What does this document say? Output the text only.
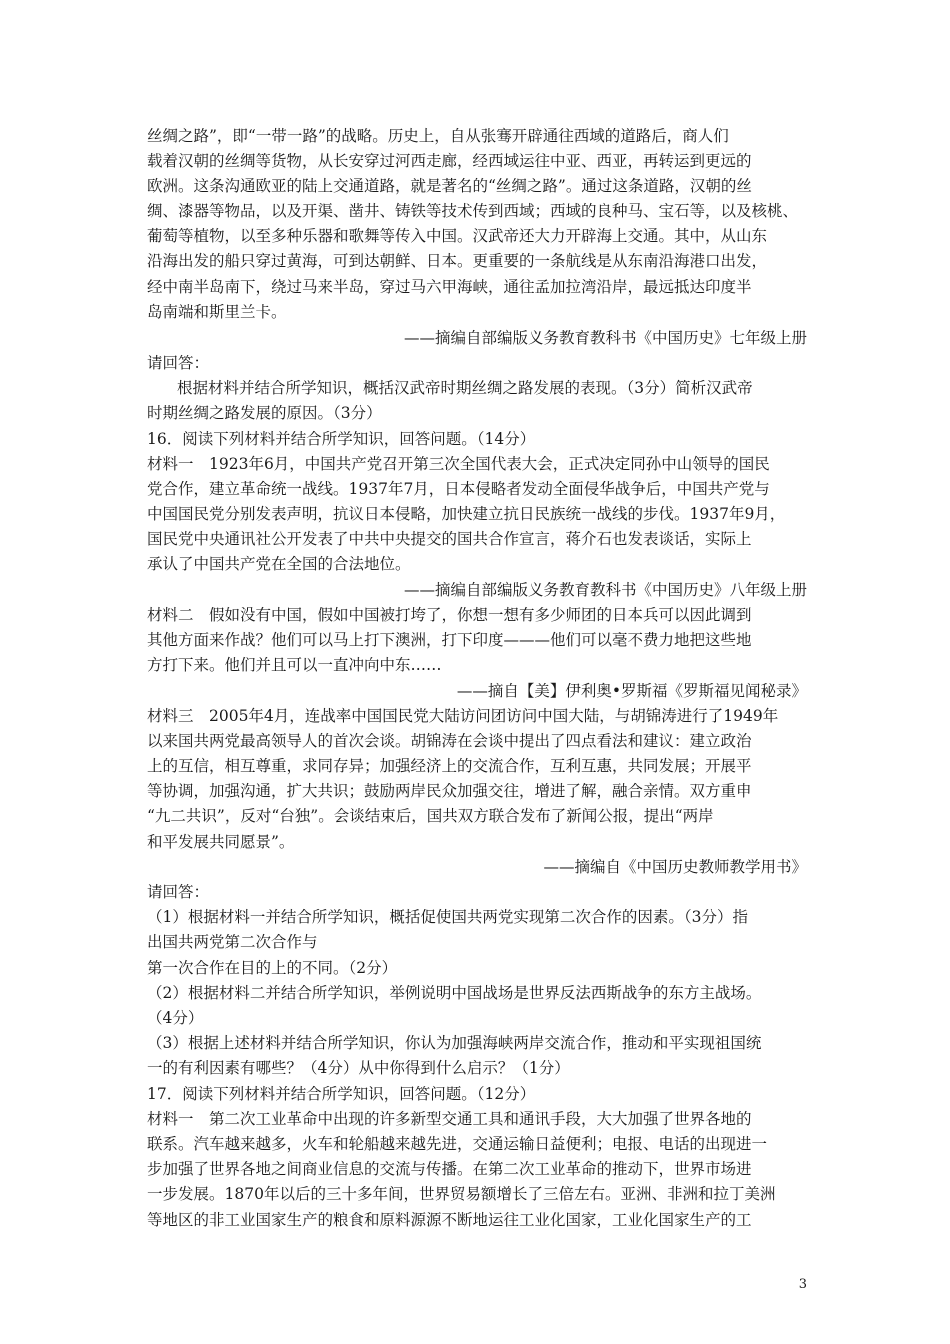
丝绸之路”，即“一带一路”的战略。历史上，自从张骞开辟通往西域的道路后，商人们
载着汉朝的丝绸等货物，从长安穿过河西走廊，经西域运往中亚、西亚，再转运到更远的
欧洲。这条沟通欧亚的陆上交通道路，就是著名的“丝绸之路”。通过这条道路，汉朝的丝
绸、漆器等物品，以及开渠、凿井、铸铁等技术传到西域；西域的良种马、宝石等，以及核桃、
葡萄等植物，以至多种乐器和歌舞等传入中国。汉武帝还大力开辟海上交通。其中，从山东
沿海出发的船只穿过黄海，可到达朝鲜、日本。更重要的一条航线是从东南沿海港口出发，
经中南半岛南下，绕过马来半岛，穿过马六甲海峡，通往孟加拉湾沿岸，最远抵达印度半
岛南端和斯里兰卡。
——摘编自部编版义务教育教科书《中国历史》七年级上册
请回答：
根据材料并结合所学知识，概括汉武帝时期丝绸之路发展的表现。（3分）简析汉武帝
时期丝绸之路发展的原因。（3分）
16．阅读下列材料并结合所学知识，回答问题。（14分）
材料一　1923年6月，中国共产党召开第三次全国代表大会，正式决定同孙中山领导的国民
党合作，建立革命统一战线。1937年7月，日本侵略者发动全面侵华战争后，中国共产党与
中国国民党分别发表声明，抗议日本侵略，加快建立抗日民族统一战线的步伐。1937年9月，
国民党中央通讯社公开发表了中共中央提交的国共合作宣言，蒋介石也发表谈话，实际上
承认了中国共产党在全国的合法地位。
——摘编自部编版义务教育教科书《中国历史》八年级上册
材料二　假如没有中国，假如中国被打垮了，你想一想有多少师团的日本兵可以因此调到
其他方面来作战？他们可以马上打下澳洲，打下印度———他们可以毫不费力地把这些地
方打下来。他们并且可以一直冲向中东……
——摘自【美】伊利奥•罗斯福《罗斯福见闻秘录》
材料三　2005年4月，连战率中国国民党大陆访问团访问中国大陆，与胡锦涛进行了1949年
以来国共两党最高领导人的首次会谈。胡锦涛在会谈中提出了四点看法和建议：建立政治
上的互信，相互尊重，求同存异；加强经济上的交流合作，互利互惠，共同发展；开展平
等协调，加强沟通，扩大共识；鼓励两岸民众加强交往，增进了解，融合亲情。双方重申
“九二共识”，反对“台独”。会谈结束后，国共双方联合发布了新闻公报，提出“两岸
和平发展共同愿景”。
——摘编自《中国历史教师教学用书》
请回答：
（1）根据材料一并结合所学知识，概括促使国共两党实现第二次合作的因素。（3分）指
出国共两党第二次合作与
第一次合作在目的上的不同。（2分）
（2）根据材料二并结合所学知识，举例说明中国战场是世界反法西斯战争的东方主战场。
（4分）
（3）根据上述材料并结合所学知识，你认为加强海峡两岸交流合作，推动和平实现祖国统
一的有利因素有哪些？（4分）从中你得到什么启示？（1分）
17．阅读下列材料并结合所学知识，回答问题。（12分）
材料一　第二次工业革命中出现的许多新型交通工具和通讯手段，大大加强了世界各地的
联系。汽车越来越多，火车和轮船越来越先进，交通运输日益便利；电报、电话的出现进一
步加强了世界各地之间商业信息的交流与传播。在第二次工业革命的推动下，世界市场进
一步发展。1870年以后的三十多年间，世界贸易额增长了三倍左右。亚洲、非洲和拉丁美洲
等地区的非工业国家生产的粮食和原料源源不断地运往工业化国家，工业化国家生产的工
3
